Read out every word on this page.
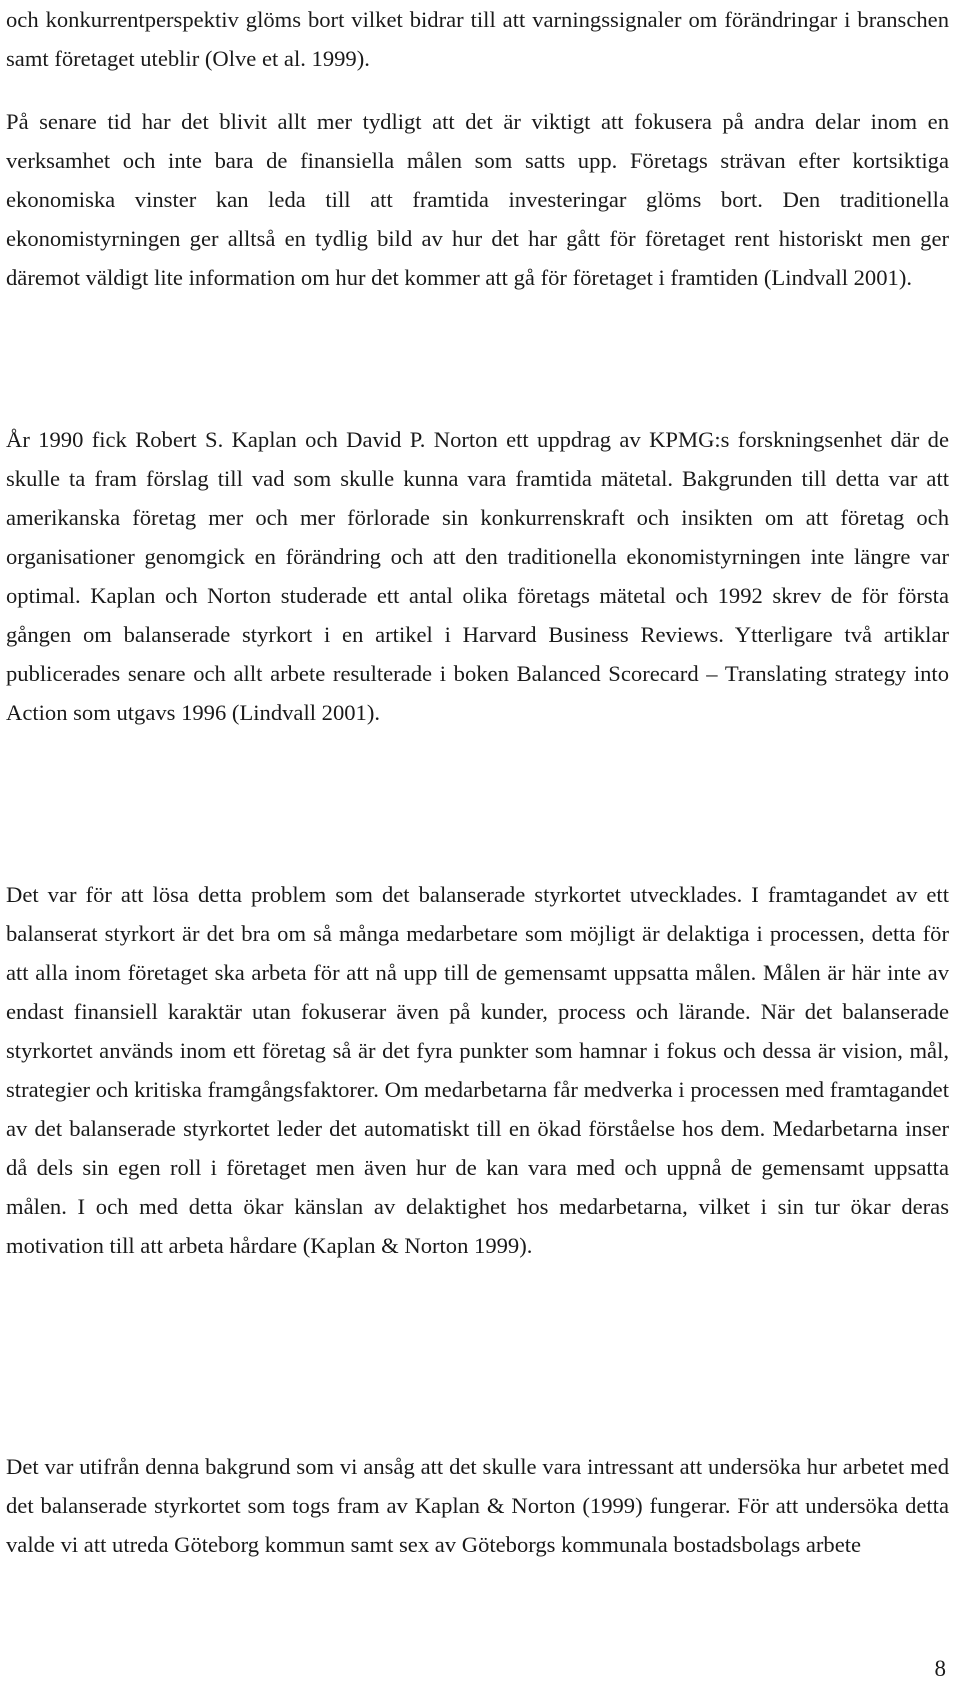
och konkurrentperspektiv glöms bort vilket bidrar till att varningssignaler om förändringar i branschen samt företaget uteblir (Olve et al. 1999).

På senare tid har det blivit allt mer tydligt att det är viktigt att fokusera på andra delar inom en verksamhet och inte bara de finansiella målen som satts upp. Företags strävan efter kortsiktiga ekonomiska vinster kan leda till att framtida investeringar glöms bort. Den traditionella ekonomistyrningen ger alltså en tydlig bild av hur det har gått för företaget rent historiskt men ger däremot väldigt lite information om hur det kommer att gå för företaget i framtiden (Lindvall 2001).

År 1990 fick Robert S. Kaplan och David P. Norton ett uppdrag av KPMG:s forskningsenhet där de skulle ta fram förslag till vad som skulle kunna vara framtida mätetal. Bakgrunden till detta var att amerikanska företag mer och mer förlorade sin konkurrenskraft och insikten om att företag och organisationer genomgick en förändring och att den traditionella ekonomistyrningen inte längre var optimal. Kaplan och Norton studerade ett antal olika företags mätetal och 1992 skrev de för första gången om balanserade styrkort i en artikel i Harvard Business Reviews. Ytterligare två artiklar publicerades senare och allt arbete resulterade i boken Balanced Scorecard – Translating strategy into Action som utgavs 1996 (Lindvall 2001).

Det var för att lösa detta problem som det balanserade styrkortet utvecklades. I framtagandet av ett balanserat styrkort är det bra om så många medarbetare som möjligt är delaktiga i processen, detta för att alla inom företaget ska arbeta för att nå upp till de gemensamt uppsatta målen. Målen är här inte av endast finansiell karaktär utan fokuserar även på kunder, process och lärande. När det balanserade styrkortet används inom ett företag så är det fyra punkter som hamnar i fokus och dessa är vision, mål, strategier och kritiska framgångsfaktorer. Om medarbetarna får medverka i processen med framtagandet av det balanserade styrkortet leder det automatiskt till en ökad förståelse hos dem. Medarbetarna inser då dels sin egen roll i företaget men även hur de kan vara med och uppnå de gemensamt uppsatta målen. I och med detta ökar känslan av delaktighet hos medarbetarna, vilket i sin tur ökar deras motivation till att arbeta hårdare (Kaplan & Norton 1999).

Det var utifrån denna bakgrund som vi ansåg att det skulle vara intressant att undersöka hur arbetet med det balanserade styrkortet som togs fram av Kaplan & Norton (1999) fungerar. För att undersöka detta valde vi att utreda Göteborg kommun samt sex av Göteborgs kommunala bostadsbolags arbete

8
